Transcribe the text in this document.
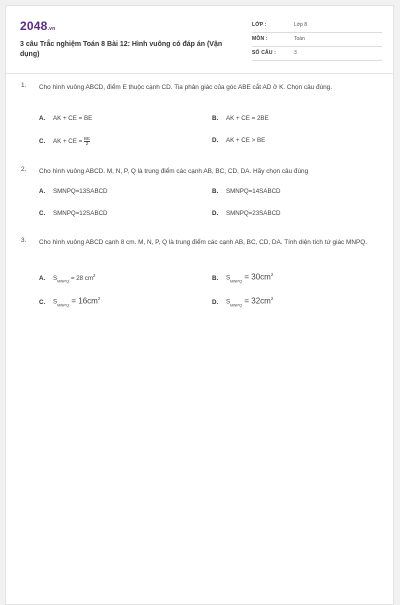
2048.vn
3 câu Trắc nghiệm Toán 8 Bài 12: Hình vuông có đáp án (Vận dụng)
LỚP :	Lớp 8
MÔN :	Toán
SỐ CÂU :	3
1. Cho hình vuông ABCD, điểm E thuộc cạnh CD. Tia phân giác của góc ABE cắt AD ở K. Chọn câu đúng.
A. AK + CE = BE	B. AK + CE = 2BE
C. AK + CE = $\frac{BE}{2}$	D. AK + CE > BE
2. Cho hình vuông ABCD. M, N, P, Q là trung điểm các cạnh AB, BC, CD, DA. Hãy chọn câu đúng
A. SMNPQ=13SABCD	B. SMNPQ=14SABCD
C. SMNPQ=12SABCD	D. SMNPQ=23SABCD
3. Cho hình vuông ABCD cạnh 8 cm. M, N, P, Q là trung điểm các cạnh AB, BC, CD, DA. Tính diện tích tứ giác MNPQ.
A. $S_{MNPQ} = 28$ $cm^2$	B. $S_{MNPQ} = 30cm^2$
C. $S_{MNPQ} = 16cm^2$
D. $S_{MNPQ} = 32cm^2$
